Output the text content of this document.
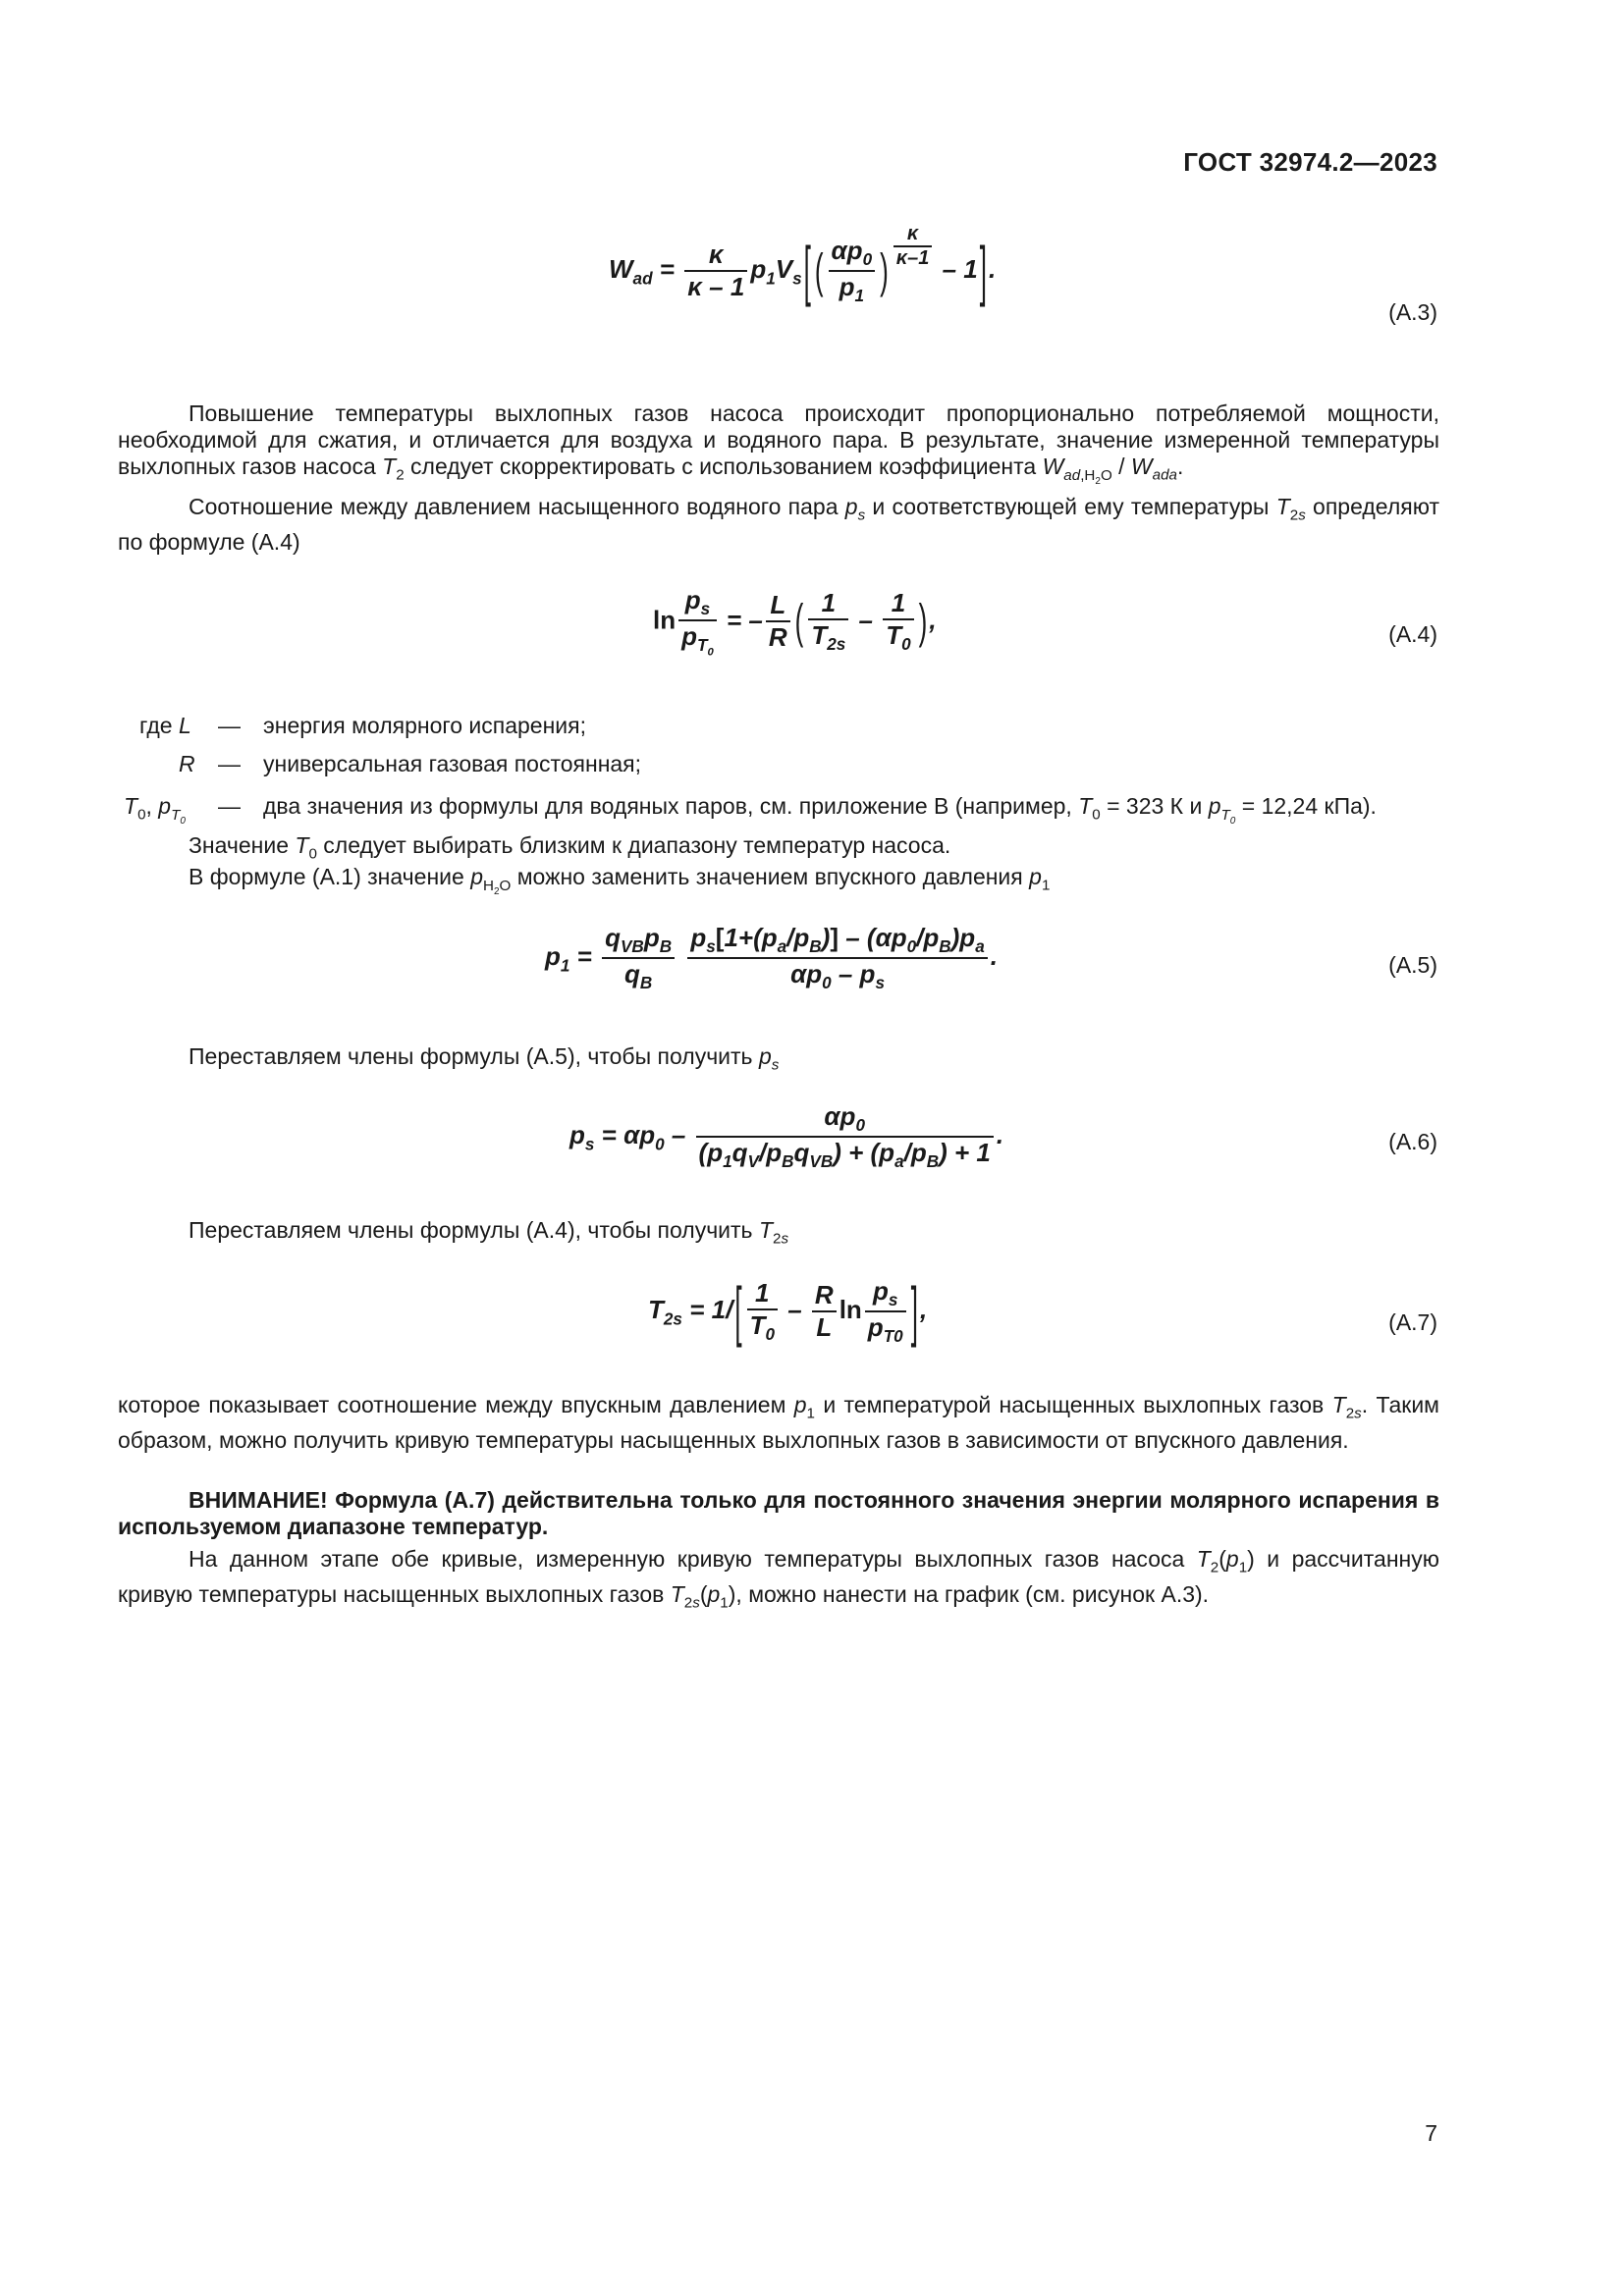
ГОСТ 32974.2—2023
$W_{ad} = \frac{\kappa}{\kappa - 1} p_1V_s$[ ( $\frac{\alpha p_0}{p_1}$ ) $^{\frac{\kappa}{\kappa-1}}$ – 1].
(A.3)
Повышение температуры выхлопных газов насоса происходит пропорционально потребляемой мощности, необходимой для сжатия, и отличается для воздуха и водяного пара. В результате, значение измеренной температуры выхлопных газов насоса $T_2$ следует скорректировать с использованием коэффициента $W_{ad,H_2O} / W_{ada}$.
Соотношение между давлением насыщенного водяного пара $p_s$ и соответствующей ему температуры $T_{2s}$ определяют по формуле (A.4)
$\ln \frac{p_s}{p_{T_0}}$ = – $\frac{L}{R}$ ( $\frac{1}{T_{2s}} - \frac{1}{T_0}$ ),	(A.4)
где L — энергия молярного испарения;
R — универсальная газовая постоянная;
$T_0$, $p_{T_0}$
— два значения из формулы для водяных паров, см. приложение В (например, $T_0 = 323$ К и $p_{T_0} = 12,24$ кПа).
Значение $T_0$ следует выбирать близким к диапазону температур насоса.
В формуле (A.1) значение $p_{H_2O}$ можно заменить значением впускного давления $p_1$
$p_1$ =
$q_{VB}p_B$
$q_B$
	$\frac{p_s[1+(p_a/p_B)] - (\alpha p_0/p_B)p_a}{\alpha p_0 - p_s}$ .	(A.5)
Переставляем члены формулы (A.5), чтобы получить $p_s$
$p_s = \alpha p_0$ –
$\alpha p_0$
$(p_1q_V/p_Bq_{VB}) + (p_a/p_B) + 1$
.	(A.6)
Переставляем члены формулы (A.4), чтобы получить $T_{2s}$
$T_{2s} = 1/[ \frac{1}{T_0} - \frac{R}{L}$ $\ln \frac{p_s}{p_{T0}}$ ],	(A.7)
которое показывает соотношение между впускным давлением $p_1$ и температурой насыщенных выхлопных газов $T_{2s}$. Таким образом, можно получить кривую температуры насыщенных выхлопных газов в зависимости от впускного давления.
ВНИМАНИЕ! Формула (A.7) действительна только для постоянного значения энергии молярного испарения в используемом диапазоне температур.
На данном этапе обе кривые, измеренную кривую температуры выхлопных газов насоса $T_2(p_1)$ и рассчитанную кривую температуры насыщенных выхлопных газов $T_{2s}(p_1)$, можно нанести на график (см. рисунок А.3).
7
